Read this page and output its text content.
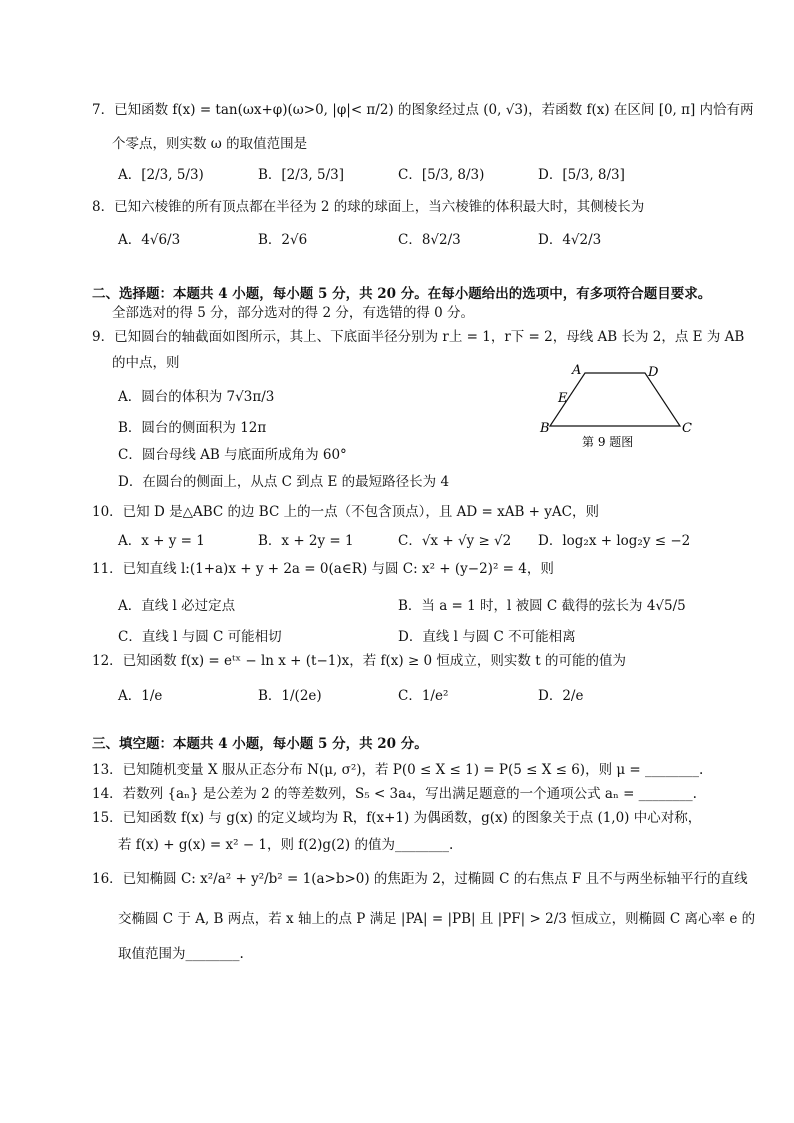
7．已知函数 f(x) = tan(ωx+φ)(ω>0, |φ|< π/2) 的图象经过点 (0, √3)，若函数 f(x) 在区间 [0, π] 内恰有两
个零点，则实数 ω 的取值范围是
A．[2/3, 5/3)	B．[2/3, 5/3]	C．[5/3, 8/3)	D．[5/3, 8/3]
8．已知六棱锥的所有顶点都在半径为 2 的球的球面上，当六棱锥的体积最大时，其侧棱长为
A．4√6/3	B．2√6	C．8√2/3	D．4√2/3
二、选择题：本题共 4 小题，每小题 5 分，共 20 分。在每小题给出的选项中，有多项符合题目要求。
全部选对的得 5 分，部分选对的得 2 分，有选错的得 0 分。
9．已知圆台的轴截面如图所示，其上、下底面半径分别为 r上 = 1，r下 = 2，母线 AB 长为 2，点 E 为 AB
的中点，则
A．圆台的体积为 7√3π/3
B．圆台的侧面积为 12π
C．圆台母线 AB 与底面所成角为 60°
D．在圆台的侧面上，从点 C 到点 E 的最短路径长为 4
A	D
E
B	C
第 9 题图
10．已知 D 是△ABC 的边 BC 上的一点（不包含顶点），且 AD = xAB + yAC，则
A．x + y = 1	B．x + 2y = 1	C．√x + √y ≥ √2 D．log₂x + log₂y ≤ −2
11．已知直线 l:(1+a)x + y + 2a = 0(a∈R) 与圆 C: x² + (y−2)² = 4，则
A．直线 l 必过定点	B．当 a = 1 时，l 被圆 C 截得的弦长为 4√5/5
C．直线 l 与圆 C 可能相切	D．直线 l 与圆 C 不可能相离
12．已知函数 f(x) = eᵗˣ − ln x + (t−1)x，若 f(x) ≥ 0 恒成立，则实数 t 的可能的值为
A．1/e	B．1/(2e)	C．1/e²	D．2/e
三、填空题：本题共 4 小题，每小题 5 分，共 20 分。
13．已知随机变量 X 服从正态分布 N(μ, σ²)，若 P(0 ≤ X ≤ 1) = P(5 ≤ X ≤ 6)，则 μ = ________.
14．若数列 {aₙ} 是公差为 2 的等差数列，S₅ < 3a₄，写出满足题意的一个通项公式 aₙ = ________.
15．已知函数 f(x) 与 g(x) 的定义域均为 R，f(x+1) 为偶函数，g(x) 的图象关于点 (1,0) 中心对称，
若 f(x) + g(x) = x² − 1，则 f(2)g(2) 的值为________.
16．已知椭圆 C: x²/a² + y²/b² = 1(a>b>0) 的焦距为 2，过椭圆 C 的右焦点 F 且不与两坐标轴平行的直线
交椭圆 C 于 A, B 两点，若 x 轴上的点 P 满足 |PA| = |PB| 且 |PF| > 2/3 恒成立，则椭圆 C 离心率 e 的
取值范围为________.
